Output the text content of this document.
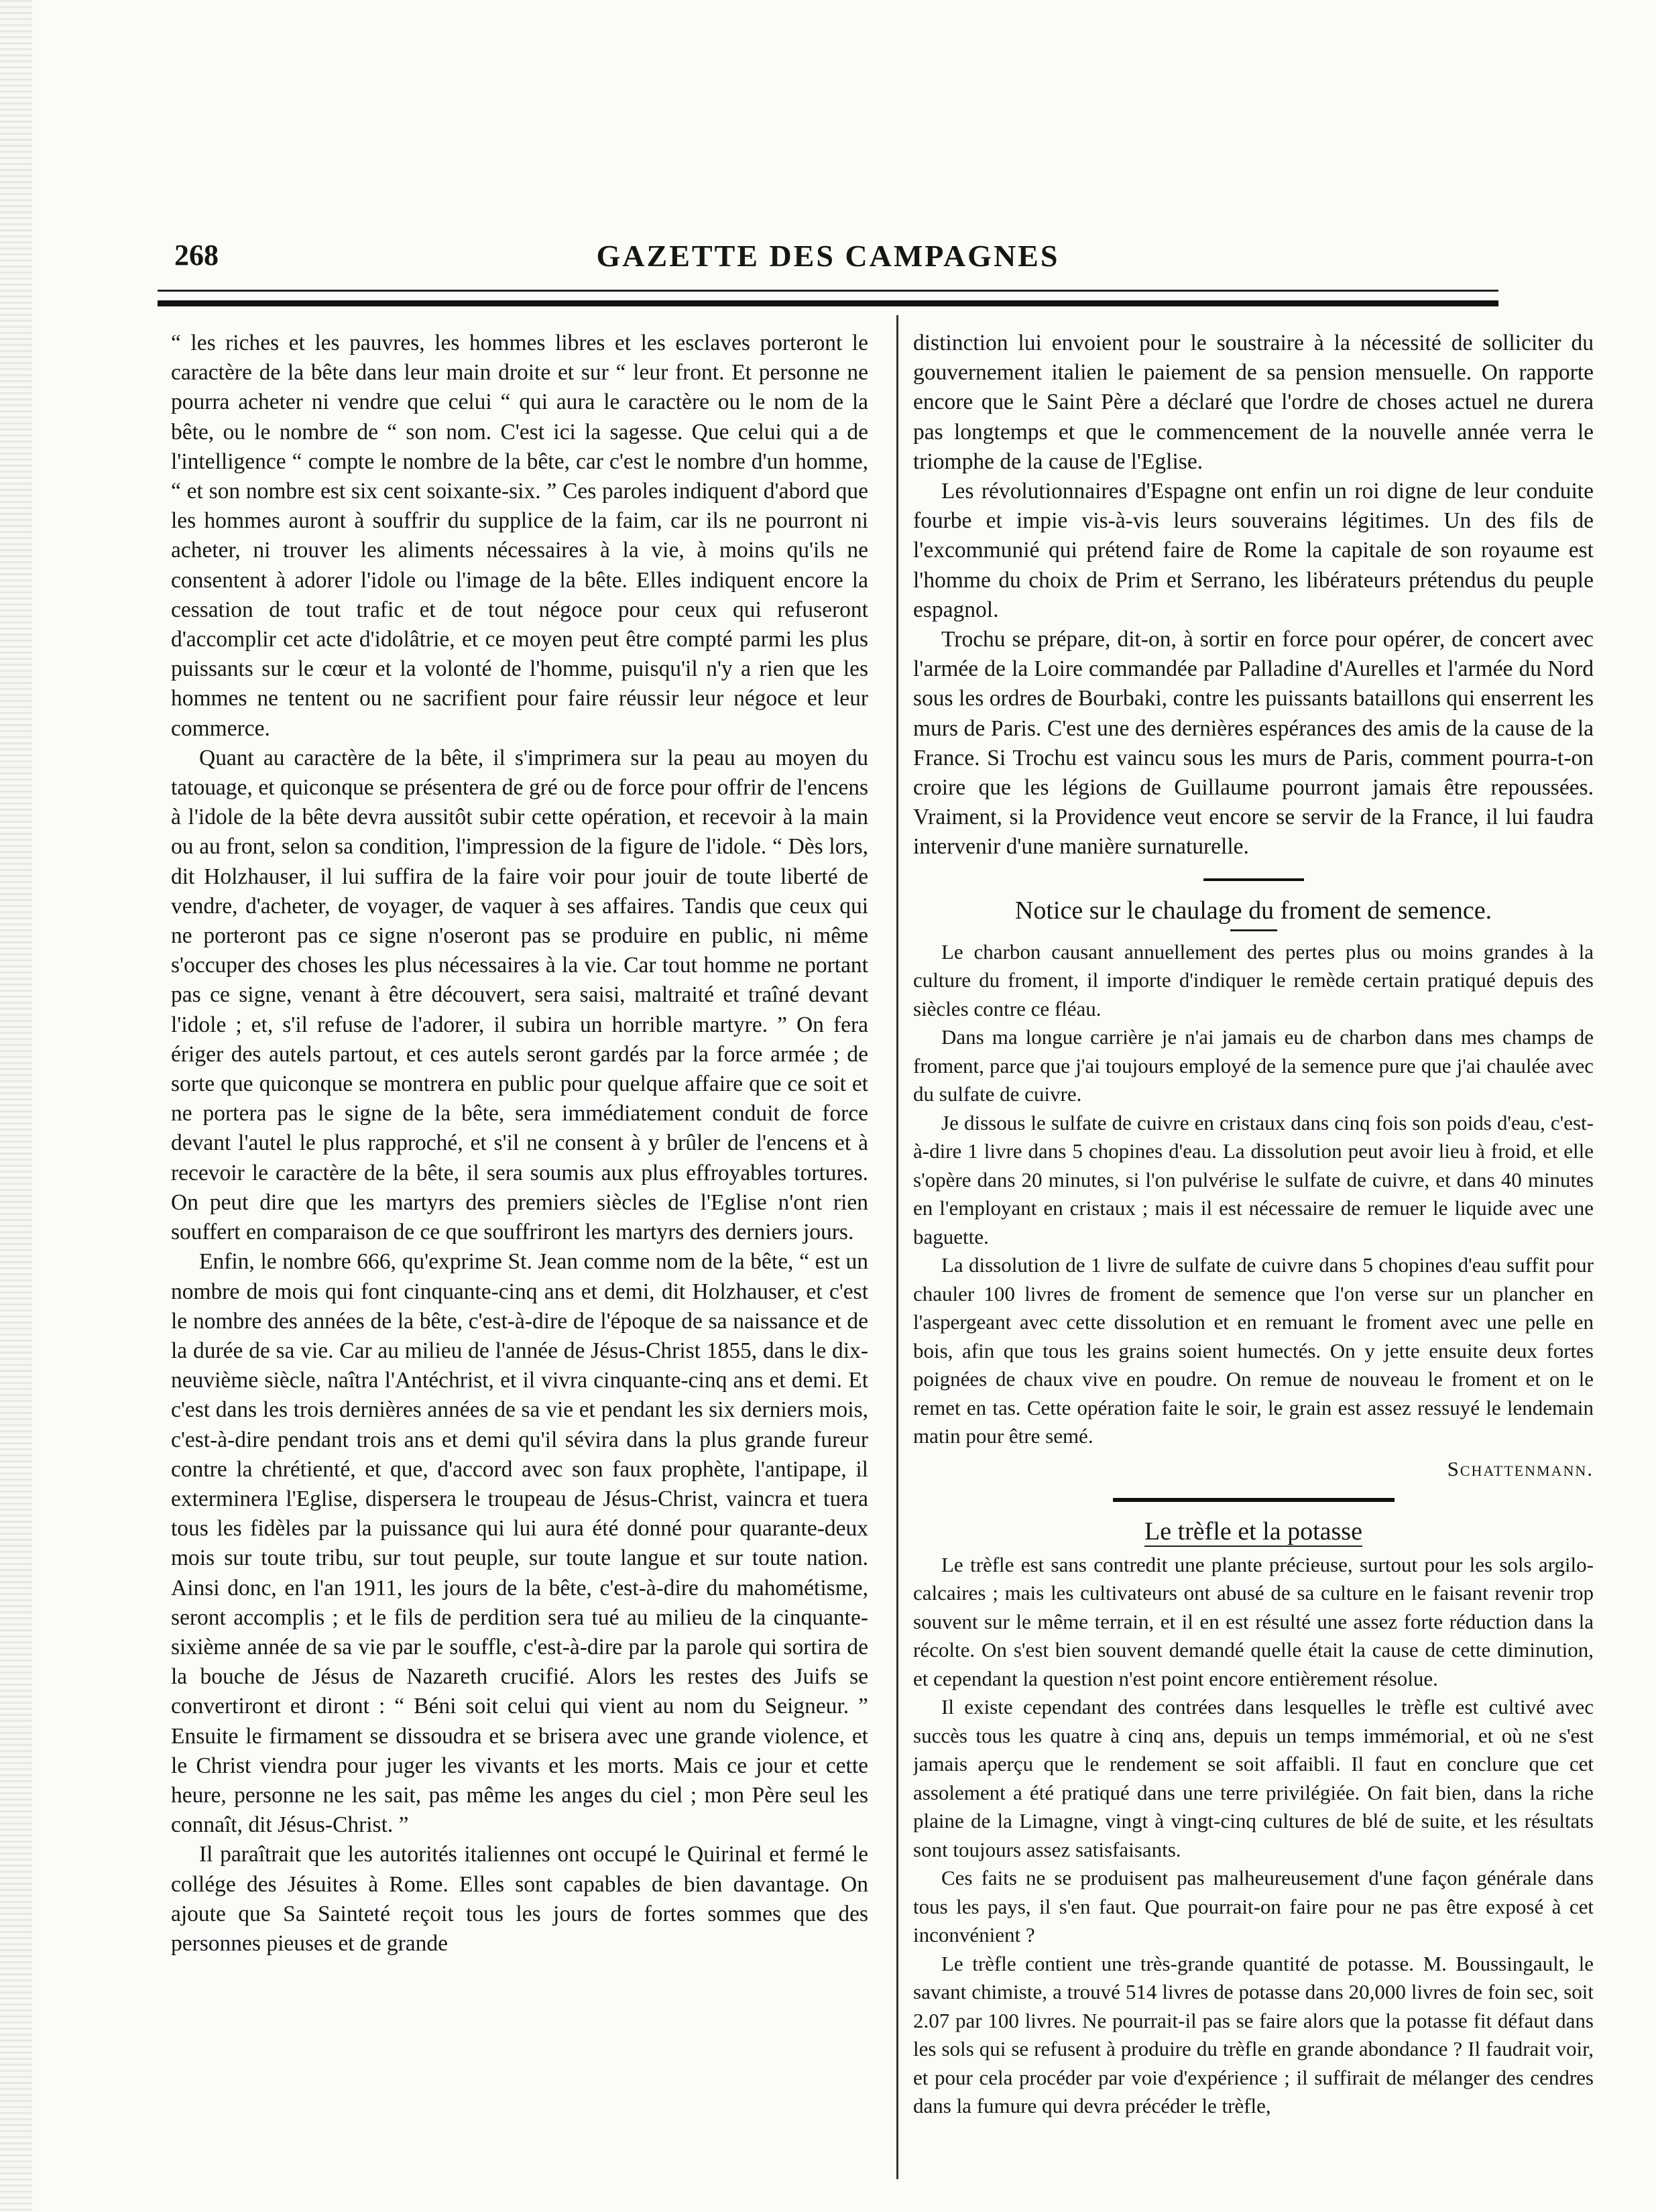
268	GAZETTE DES CAMPAGNES

“ les riches et les pauvres, les hommes libres et les esclaves porteront le caractère de la bête dans leur main droite et sur “ leur front. Et personne ne pourra acheter ni vendre que celui “ qui aura le caractère ou le nom de la bête, ou le nombre de “ son nom. C'est ici la sagesse. Que celui qui a de l'intelligence “ compte le nombre de la bête, car c'est le nombre d'un homme, “ et son nombre est six cent soixante-six. ” Ces paroles indiquent d'abord que les hommes auront à souffrir du supplice de la faim, car ils ne pourront ni acheter, ni trouver les aliments nécessaires à la vie, à moins qu'ils ne consentent à adorer l'idole ou l'image de la bête. Elles indiquent encore la cessation de tout trafic et de tout négoce pour ceux qui refuseront d'accomplir cet acte d'idolâtrie, et ce moyen peut être compté parmi les plus puissants sur le cœur et la volonté de l'homme, puisqu'il n'y a rien que les hommes ne tentent ou ne sacrifient pour faire réussir leur négoce et leur commerce.

Quant au caractère de la bête, il s'imprimera sur la peau au moyen du tatouage, et quiconque se présentera de gré ou de force pour offrir de l'encens à l'idole de la bête devra aussitôt subir cette opération, et recevoir à la main ou au front, selon sa condition, l'impression de la figure de l'idole. “ Dès lors, dit Holzhauser, il lui suffira de la faire voir pour jouir de toute liberté de vendre, d'acheter, de voyager, de vaquer à ses affaires. Tandis que ceux qui ne porteront pas ce signe n'oseront pas se produire en public, ni même s'occuper des choses les plus nécessaires à la vie. Car tout homme ne portant pas ce signe, venant à être découvert, sera saisi, maltraité et traîné devant l'idole ; et, s'il refuse de l'adorer, il subira un horrible martyre. ” On fera ériger des autels partout, et ces autels seront gardés par la force armée ; de sorte que quiconque se montrera en public pour quelque affaire que ce soit et ne portera pas le signe de la bête, sera immédiatement conduit de force devant l'autel le plus rapproché, et s'il ne consent à y brûler de l'encens et à recevoir le caractère de la bête, il sera soumis aux plus effroyables tortures. On peut dire que les martyrs des premiers siècles de l'Eglise n'ont rien souffert en comparaison de ce que souffriront les martyrs des derniers jours.

Enfin, le nombre 666, qu'exprime St. Jean comme nom de la bête, “ est un nombre de mois qui font cinquante-cinq ans et demi, dit Holzhauser, et c'est le nombre des années de la bête, c'est-à-dire de l'époque de sa naissance et de la durée de sa vie. Car au milieu de l'année de Jésus-Christ 1855, dans le dix-neuvième siècle, naîtra l'Antéchrist, et il vivra cinquante-cinq ans et demi. Et c'est dans les trois dernières années de sa vie et pendant les six derniers mois, c'est-à-dire pendant trois ans et demi qu'il sévira dans la plus grande fureur contre la chrétienté, et que, d'accord avec son faux prophète, l'antipape, il exterminera l'Eglise, dispersera le troupeau de Jésus-Christ, vaincra et tuera tous les fidèles par la puissance qui lui aura été donné pour quarante-deux mois sur toute tribu, sur tout peuple, sur toute langue et sur toute nation. Ainsi donc, en l'an 1911, les jours de la bête, c'est-à-dire du mahométisme, seront accomplis ; et le fils de perdition sera tué au milieu de la cinquante-sixième année de sa vie par le souffle, c'est-à-dire par la parole qui sortira de la bouche de Jésus de Nazareth crucifié. Alors les restes des Juifs se convertiront et diront : “ Béni soit celui qui vient au nom du Seigneur. ” Ensuite le firmament se dissoudra et se brisera avec une grande violence, et le Christ viendra pour juger les vivants et les morts. Mais ce jour et cette heure, personne ne les sait, pas même les anges du ciel ; mon Père seul les connaît, dit Jésus-Christ. ”

Il paraîtrait que les autorités italiennes ont occupé le Quirinal et fermé le collége des Jésuites à Rome. Elles sont capables de bien davantage. On ajoute que Sa Sainteté reçoit tous les jours de fortes sommes que des personnes pieuses et de grande

distinction lui envoient pour le soustraire à la nécessité de solliciter du gouvernement italien le paiement de sa pension mensuelle. On rapporte encore que le Saint Père a déclaré que l'ordre de choses actuel ne durera pas longtemps et que le commencement de la nouvelle année verra le triomphe de la cause de l'Eglise.

Les révolutionnaires d'Espagne ont enfin un roi digne de leur conduite fourbe et impie vis-à-vis leurs souverains légitimes. Un des fils de l'excommunié qui prétend faire de Rome la capitale de son royaume est l'homme du choix de Prim et Serrano, les libérateurs prétendus du peuple espagnol.

Trochu se prépare, dit-on, à sortir en force pour opérer, de concert avec l'armée de la Loire commandée par Palladine d'Aurelles et l'armée du Nord sous les ordres de Bourbaki, contre les puissants bataillons qui enserrent les murs de Paris. C'est une des dernières espérances des amis de la cause de la France. Si Trochu est vaincu sous les murs de Paris, comment pourra-t-on croire que les légions de Guillaume pourront jamais être repoussées. Vraiment, si la Providence veut encore se servir de la France, il lui faudra intervenir d'une manière surnaturelle.

Notice sur le chaulage du froment de semence.

Le charbon causant annuellement des pertes plus ou moins grandes à la culture du froment, il importe d'indiquer le remède certain pratiqué depuis des siècles contre ce fléau.

Dans ma longue carrière je n'ai jamais eu de charbon dans mes champs de froment, parce que j'ai toujours employé de la semence pure que j'ai chaulée avec du sulfate de cuivre.

Je dissous le sulfate de cuivre en cristaux dans cinq fois son poids d'eau, c'est-à-dire 1 livre dans 5 chopines d'eau. La dissolution peut avoir lieu à froid, et elle s'opère dans 20 minutes, si l'on pulvérise le sulfate de cuivre, et dans 40 minutes en l'employant en cristaux ; mais il est nécessaire de remuer le liquide avec une baguette.

La dissolution de 1 livre de sulfate de cuivre dans 5 chopines d'eau suffit pour chauler 100 livres de froment de semence que l'on verse sur un plancher en l'aspergeant avec cette dissolution et en remuant le froment avec une pelle en bois, afin que tous les grains soient humectés. On y jette ensuite deux fortes poignées de chaux vive en poudre. On remue de nouveau le froment et on le remet en tas. Cette opération faite le soir, le grain est assez ressuyé le lendemain matin pour être semé.

Schattenmann.
Le trèfle et la potasse

Le trèfle est sans contredit une plante précieuse, surtout pour les sols argilo-calcaires ; mais les cultivateurs ont abusé de sa culture en le faisant revenir trop souvent sur le même terrain, et il en est résulté une assez forte réduction dans la récolte. On s'est bien souvent demandé quelle était la cause de cette diminution, et cependant la question n'est point encore entièrement résolue.

Il existe cependant des contrées dans lesquelles le trèfle est cultivé avec succès tous les quatre à cinq ans, depuis un temps immémorial, et où ne s'est jamais aperçu que le rendement se soit affaibli. Il faut en conclure que cet assolement a été pratiqué dans une terre privilégiée. On fait bien, dans la riche plaine de la Limagne, vingt à vingt-cinq cultures de blé de suite, et les résultats sont toujours assez satisfaisants.

Ces faits ne se produisent pas malheureusement d'une façon générale dans tous les pays, il s'en faut. Que pourrait-on faire pour ne pas être exposé à cet inconvénient ?

Le trèfle contient une très-grande quantité de potasse. M. Boussingault, le savant chimiste, a trouvé 514 livres de potasse dans 20,000 livres de foin sec, soit 2.07 par 100 livres. Ne pourrait-il pas se faire alors que la potasse fit défaut dans les sols qui se refusent à produire du trèfle en grande abondance ? Il faudrait voir, et pour cela procéder par voie d'expérience ; il suffirait de mélanger des cendres dans la fumure qui devra précéder le trèfle,
